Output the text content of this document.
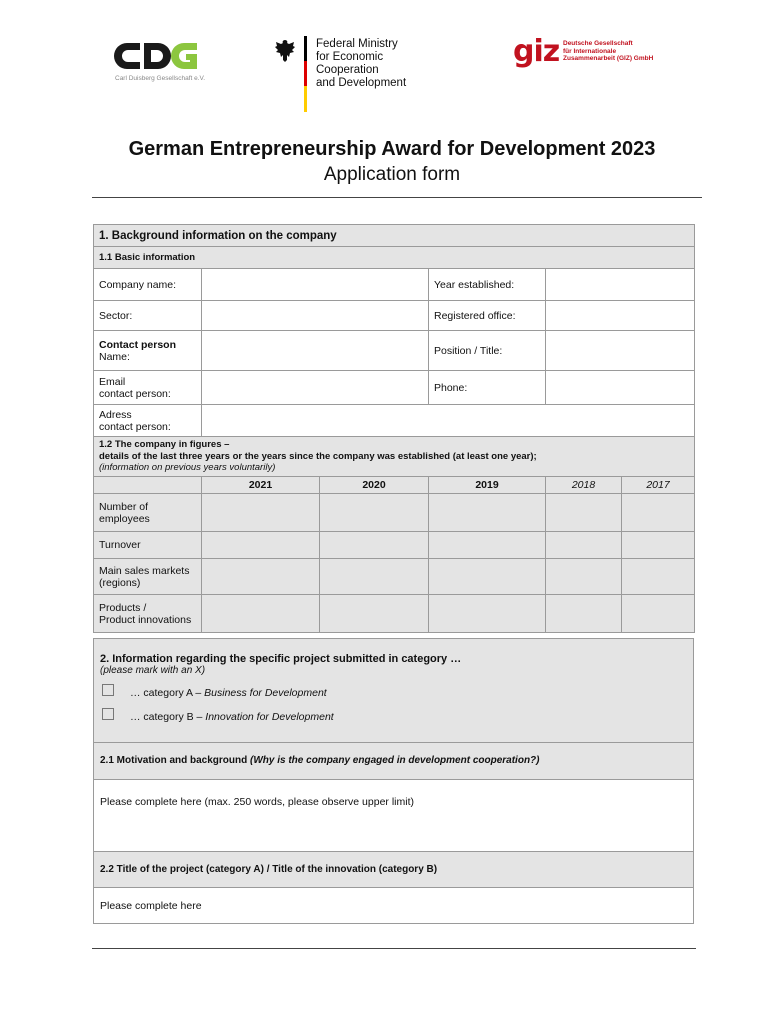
Carl Duisberg Gesellschaft e.V.
Federal Ministry
for Economic Cooperation
and Development
giz Deutsche Gesellschaft
für Internationale
Zusammenarbeit (GIZ) GmbH
German Entrepreneurship Award for Development 2023
Application form
1. Background information on the company					
1.1 Basic information					
Company name:			Year established:		
Sector:			Registered office:		

Contact person
Name:			Position / Title:		

Email
contact person:			Phone:		

Adress
contact person:					

1.2 The company in figures –
details of the last three years or the years since the company was established (at least one year);
(information on previous years voluntarily)					

	2021	2020	2019	2018	2017

Number of
employees					

Turnover					

Main sales markets
(regions)					

Products /
Product innovations					

2. Information regarding the specific project submitted in category …
(please mark with an X)
… category A – Business for Development
… category B – Innovation for Development

2.1 Motivation and background (Why is the company engaged in development cooperation?)
Please complete here (max. 250 words, please observe upper limit)
2.2 Title of the project (category A) / Title of the innovation (category B)
Please complete here
